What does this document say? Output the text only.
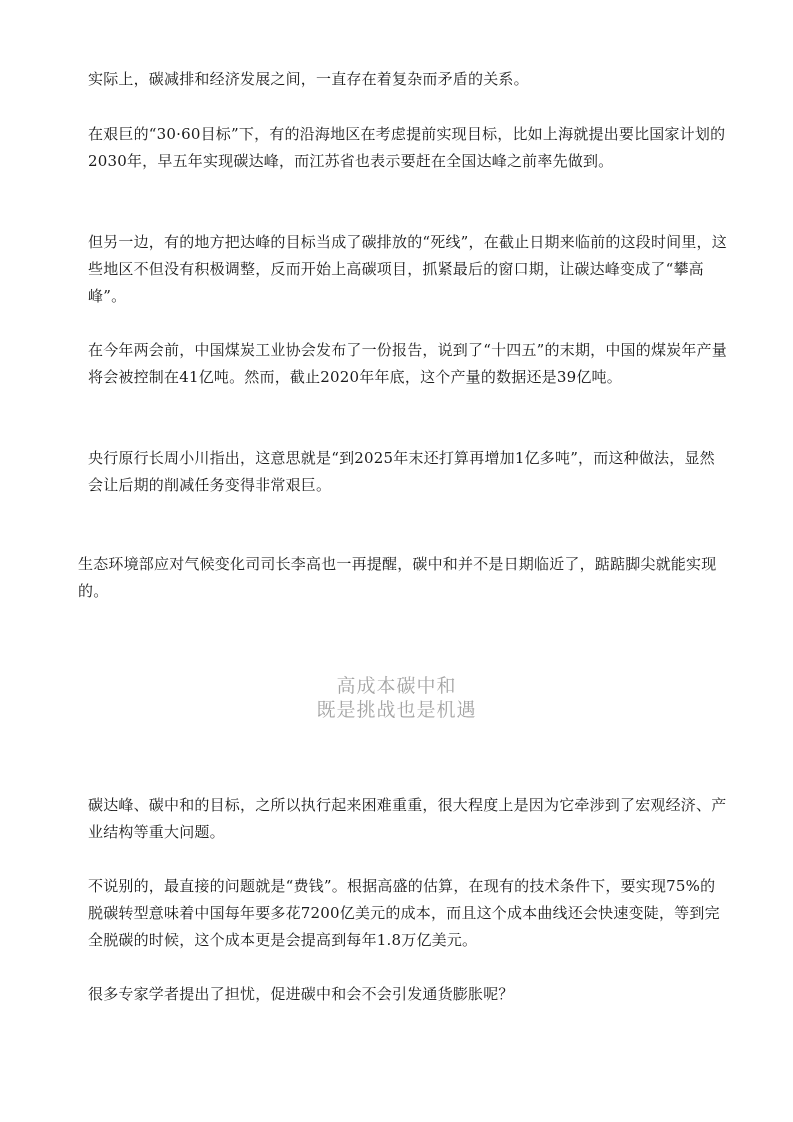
实际上，碳减排和经济发展之间，一直存在着复杂而矛盾的关系。

在艰巨的“30·60目标”下，有的沿海地区在考虑提前实现目标，比如上海就提出要比国家计划的2030年，早五年实现碳达峰，而江苏省也表示要赶在全国达峰之前率先做到。

但另一边，有的地方把达峰的目标当成了碳排放的“死线”，在截止日期来临前的这段时间里，这些地区不但没有积极调整，反而开始上高碳项目，抓紧最后的窗口期，让碳达峰变成了“攀高峰”。

在今年两会前，中国煤炭工业协会发布了一份报告，说到了“十四五”的末期，中国的煤炭年产量将会被控制在41亿吨。然而，截止2020年年底，这个产量的数据还是39亿吨。

央行原行长周小川指出，这意思就是“到2025年末还打算再增加1亿多吨”，而这种做法，显然会让后期的削减任务变得非常艰巨。

生态环境部应对气候变化司司长李高也一再提醒，碳中和并不是日期临近了，踮踮脚尖就能实现的。

高成本碳中和
既是挑战也是机遇

碳达峰、碳中和的目标，之所以执行起来困难重重，很大程度上是因为它牵涉到了宏观经济、产业结构等重大问题。

不说别的，最直接的问题就是“费钱”。根据高盛的估算，在现有的技术条件下，要实现75%的脱碳转型意味着中国每年要多花7200亿美元的成本，而且这个成本曲线还会快速变陡，等到完全脱碳的时候，这个成本更是会提高到每年1.8万亿美元。

很多专家学者提出了担忧，促进碳中和会不会引发通货膨胀呢？
